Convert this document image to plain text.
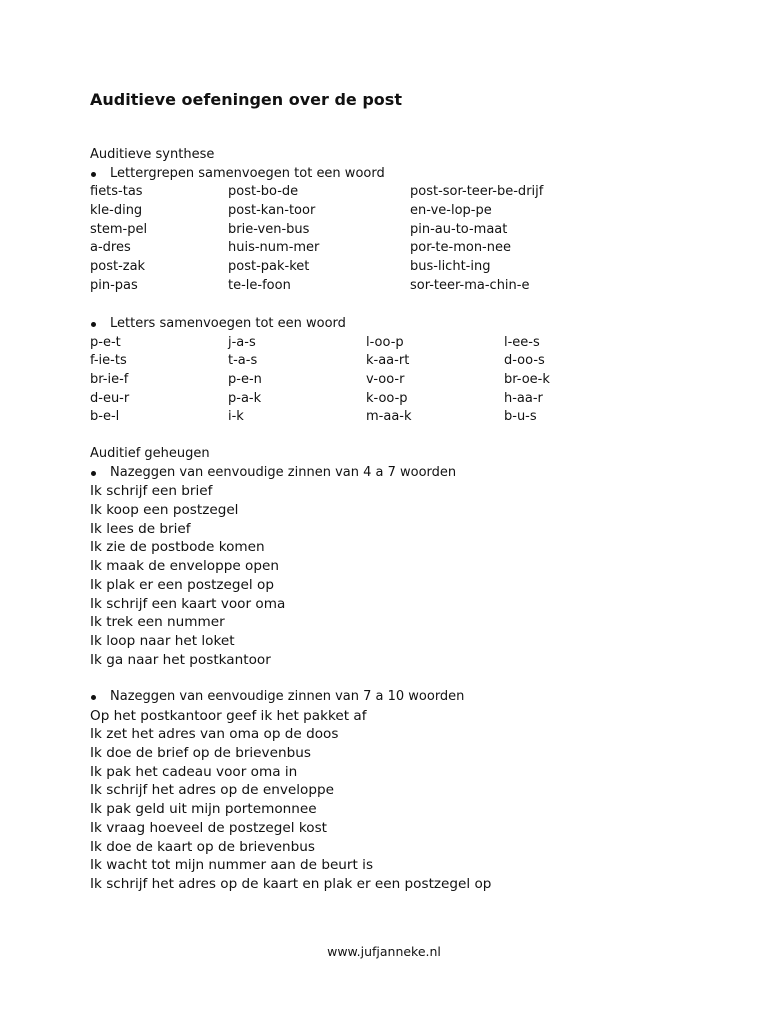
Auditieve oefeningen over de post
Auditieve synthese
Lettergrepen samenvoegen tot een woord
fiets-tas	post-bo-de	post-sor-teer-be-drijf
kle-ding	post-kan-toor	en-ve-lop-pe
stem-pel	brie-ven-bus	pin-au-to-maat
a-dres	huis-num-mer	por-te-mon-nee
post-zak	post-pak-ket	bus-licht-ing
pin-pas	te-le-foon	sor-teer-ma-chin-e
Letters samenvoegen tot een woord
p-e-t	j-a-s	l-oo-p	l-ee-s
f-ie-ts	t-a-s	k-aa-rt	d-oo-s
br-ie-f	p-e-n	v-oo-r	br-oe-k
d-eu-r	p-a-k	k-oo-p	h-aa-r
b-e-l	i-k	m-aa-k	b-u-s
Auditief geheugen
Nazeggen van eenvoudige zinnen van 4 a 7 woorden
Ik schrijf een brief
Ik koop een postzegel
Ik lees de brief
Ik zie de postbode komen
Ik maak de enveloppe open
Ik plak er een postzegel op
Ik schrijf een kaart voor oma
Ik trek een nummer
Ik loop naar het loket
Ik ga naar het postkantoor
Nazeggen van eenvoudige zinnen van 7 a 10 woorden
Op het postkantoor geef ik het pakket af
Ik zet het adres van oma op de doos
Ik doe de brief op de brievenbus
Ik pak het cadeau voor oma in
Ik schrijf het adres op de enveloppe
Ik pak geld uit mijn portemonnee
Ik vraag hoeveel de postzegel kost
Ik doe de kaart op de brievenbus
Ik wacht tot mijn nummer aan de beurt is
Ik schrijf het adres op de kaart en plak er een postzegel op
www.jufjanneke.nl
